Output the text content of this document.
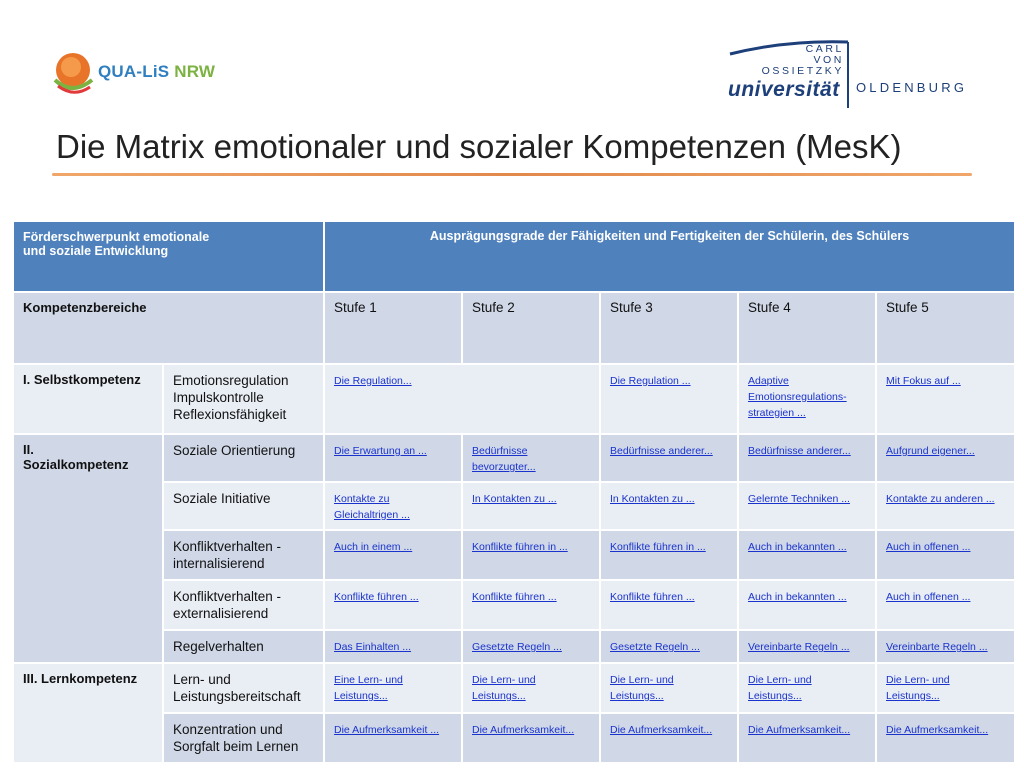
QUA-LiS NRW
CARL
VON
OSSIETZKY
universität OLDENBURG
Die Matrix emotionaler und sozialer Kompetenzen (MesK)
Förderschwerpunkt emotionale
und soziale Entwicklung		Ausprägungsgrade der Fähigkeiten und Fertigkeiten der Schülerin, des Schülers				
Kompetenzbereiche		Stufe 1	Stufe 2	Stufe 3	Stufe 4	Stufe 5
I. Selbstkompetenz	Emotionsregulation
Impulskontrolle
Reflexionsfähigkeit	Die Regulation...		Die Regulation ...	Adaptive Emotionsregulations-
strategien ...	Mit Fokus auf ...
II.
Sozialkompetenz	Soziale Orientierung	Die Erwartung an ...	Bedürfnisse bevorzugter...	Bedürfnisse anderer...	Bedürfnisse anderer...	Aufgrund eigener...
	Soziale Initiative	Kontakte zu Gleichaltrigen ...	In Kontakten zu ...	In Kontakten zu ...	Gelernte Techniken ...	Kontakte zu anderen ...
	Konfliktverhalten -
internalisierend	Auch in einem ...	Konflikte führen in ...	Konflikte führen in ...	Auch in bekannten ...	Auch in offenen ...
	Konfliktverhalten -
externalisierend	Konflikte führen ...	Konflikte führen ...	Konflikte führen ...	Auch in bekannten ...	Auch in offenen ...
	Regelverhalten	Das Einhalten ...	Gesetzte Regeln ...	Gesetzte Regeln ...	Vereinbarte Regeln ...	Vereinbarte Regeln ...
III. Lernkompetenz	Lern- und
Leistungsbereitschaft	Eine Lern- und Leistungs...	Die Lern- und Leistungs...	Die Lern- und Leistungs...	Die Lern- und Leistungs...	Die Lern- und Leistungs...
	Konzentration und
Sorgfalt beim Lernen	Die Aufmerksamkeit ...	Die Aufmerksamkeit...	Die Aufmerksamkeit...	Die Aufmerksamkeit...	Die Aufmerksamkeit...
